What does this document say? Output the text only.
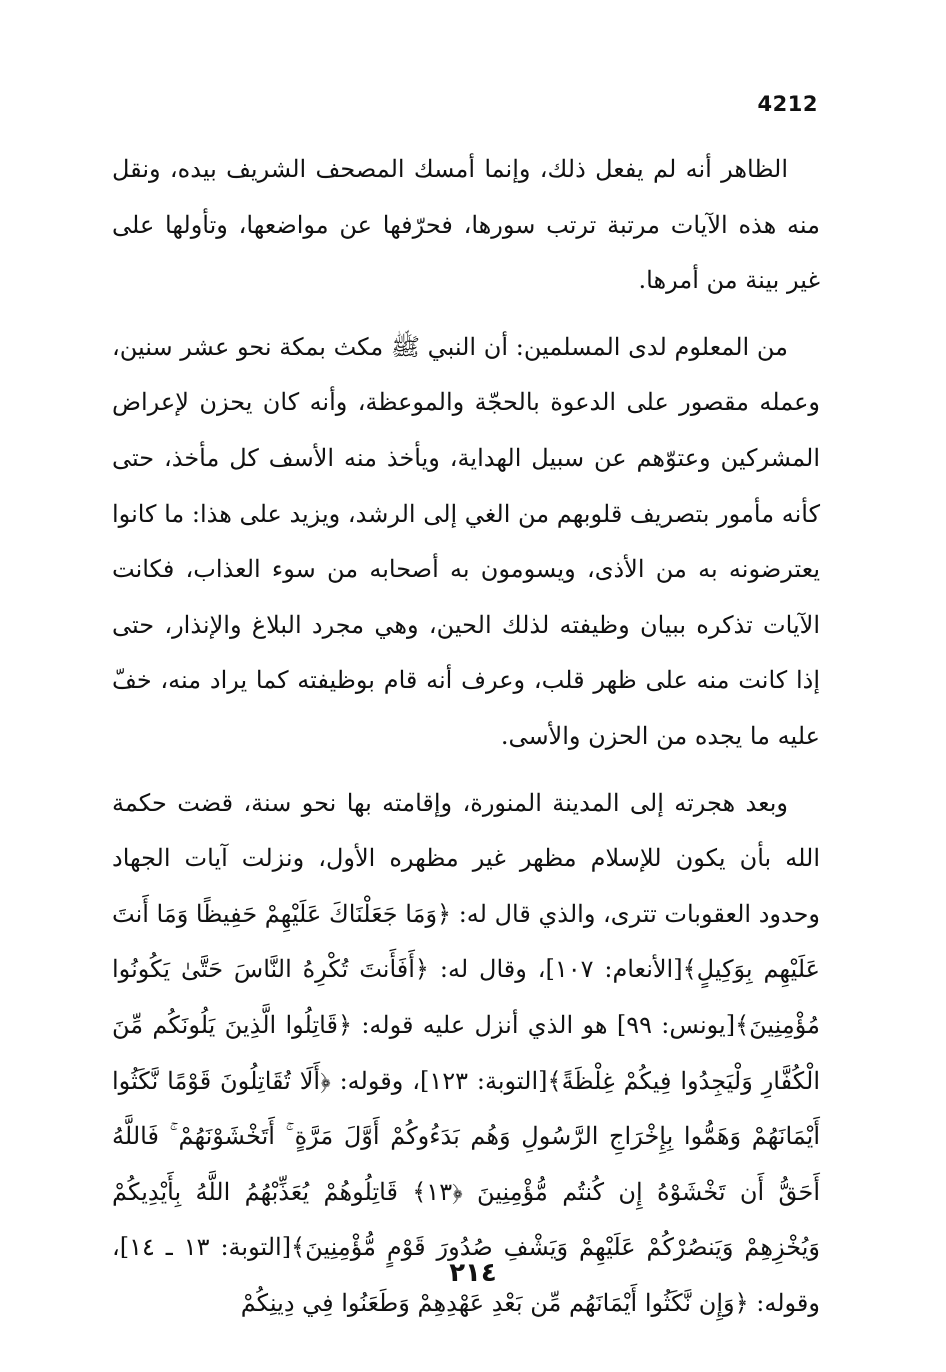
4212

الظاهر أنه لم يفعل ذلك، وإنما أمسك المصحف الشريف بيده، ونقل منه هذه الآيات مرتبة ترتب سورها، فحرّفها عن مواضعها، وتأولها على غير بينة من أمرها.

من المعلوم لدى المسلمين: أن النبي ﷺ مكث بمكة نحو عشر سنين، وعمله مقصور على الدعوة بالحجّة والموعظة، وأنه كان يحزن لإعراض المشركين وعتوّهم عن سبيل الهداية، ويأخذ منه الأسف كل مأخذ، حتى كأنه مأمور بتصريف قلوبهم من الغي إلى الرشد، ويزيد على هذا: ما كانوا يعترضونه به من الأذى، ويسومون به أصحابه من سوء العذاب، فكانت الآيات تذكره ببيان وظيفته لذلك الحين، وهي مجرد البلاغ والإنذار، حتى إذا كانت منه على ظهر قلب، وعرف أنه قام بوظيفته كما يراد منه، خفّ عليه ما يجده من الحزن والأسى.

وبعد هجرته إلى المدينة المنورة، وإقامته بها نحو سنة، قضت حكمة الله بأن يكون للإسلام مظهر غير مظهره الأول، ونزلت آيات الجهاد وحدود العقوبات تترى، والذي قال له: ﴿وَمَا جَعَلْنَاكَ عَلَيْهِمْ حَفِيظًا وَمَا أَنتَ عَلَيْهِم بِوَكِيلٍ﴾[الأنعام: ١٠٧]، وقال له: ﴿أَفَأَنتَ تُكْرِهُ النَّاسَ حَتَّىٰ يَكُونُوا مُؤْمِنِينَ﴾[يونس: ٩٩] هو الذي أنزل عليه قوله: ﴿قَاتِلُوا الَّذِينَ يَلُونَكُم مِّنَ الْكُفَّارِ وَلْيَجِدُوا فِيكُمْ غِلْظَةً﴾[التوبة: ١٢٣]، وقوله: ﴿أَلَا تُقَاتِلُونَ قَوْمًا نَّكَثُوا أَيْمَانَهُمْ وَهَمُّوا بِإِخْرَاجِ الرَّسُولِ وَهُم بَدَءُوكُمْ أَوَّلَ مَرَّةٍ ۚ أَتَخْشَوْنَهُمْ ۚ فَاللَّهُ أَحَقُّ أَن تَخْشَوْهُ إِن كُنتُم مُّؤْمِنِينَ ﴿١٣﴾ قَاتِلُوهُمْ يُعَذِّبْهُمُ اللَّهُ بِأَيْدِيكُمْ وَيُخْزِهِمْ وَيَنصُرْكُمْ عَلَيْهِمْ وَيَشْفِ صُدُورَ قَوْمٍ مُّؤْمِنِينَ﴾[التوبة: ١٣ ـ ١٤]، وقوله: ﴿وَإِن نَّكَثُوا أَيْمَانَهُم مِّن بَعْدِ عَهْدِهِمْ وَطَعَنُوا فِي دِينِكُمْ

٢١٤
